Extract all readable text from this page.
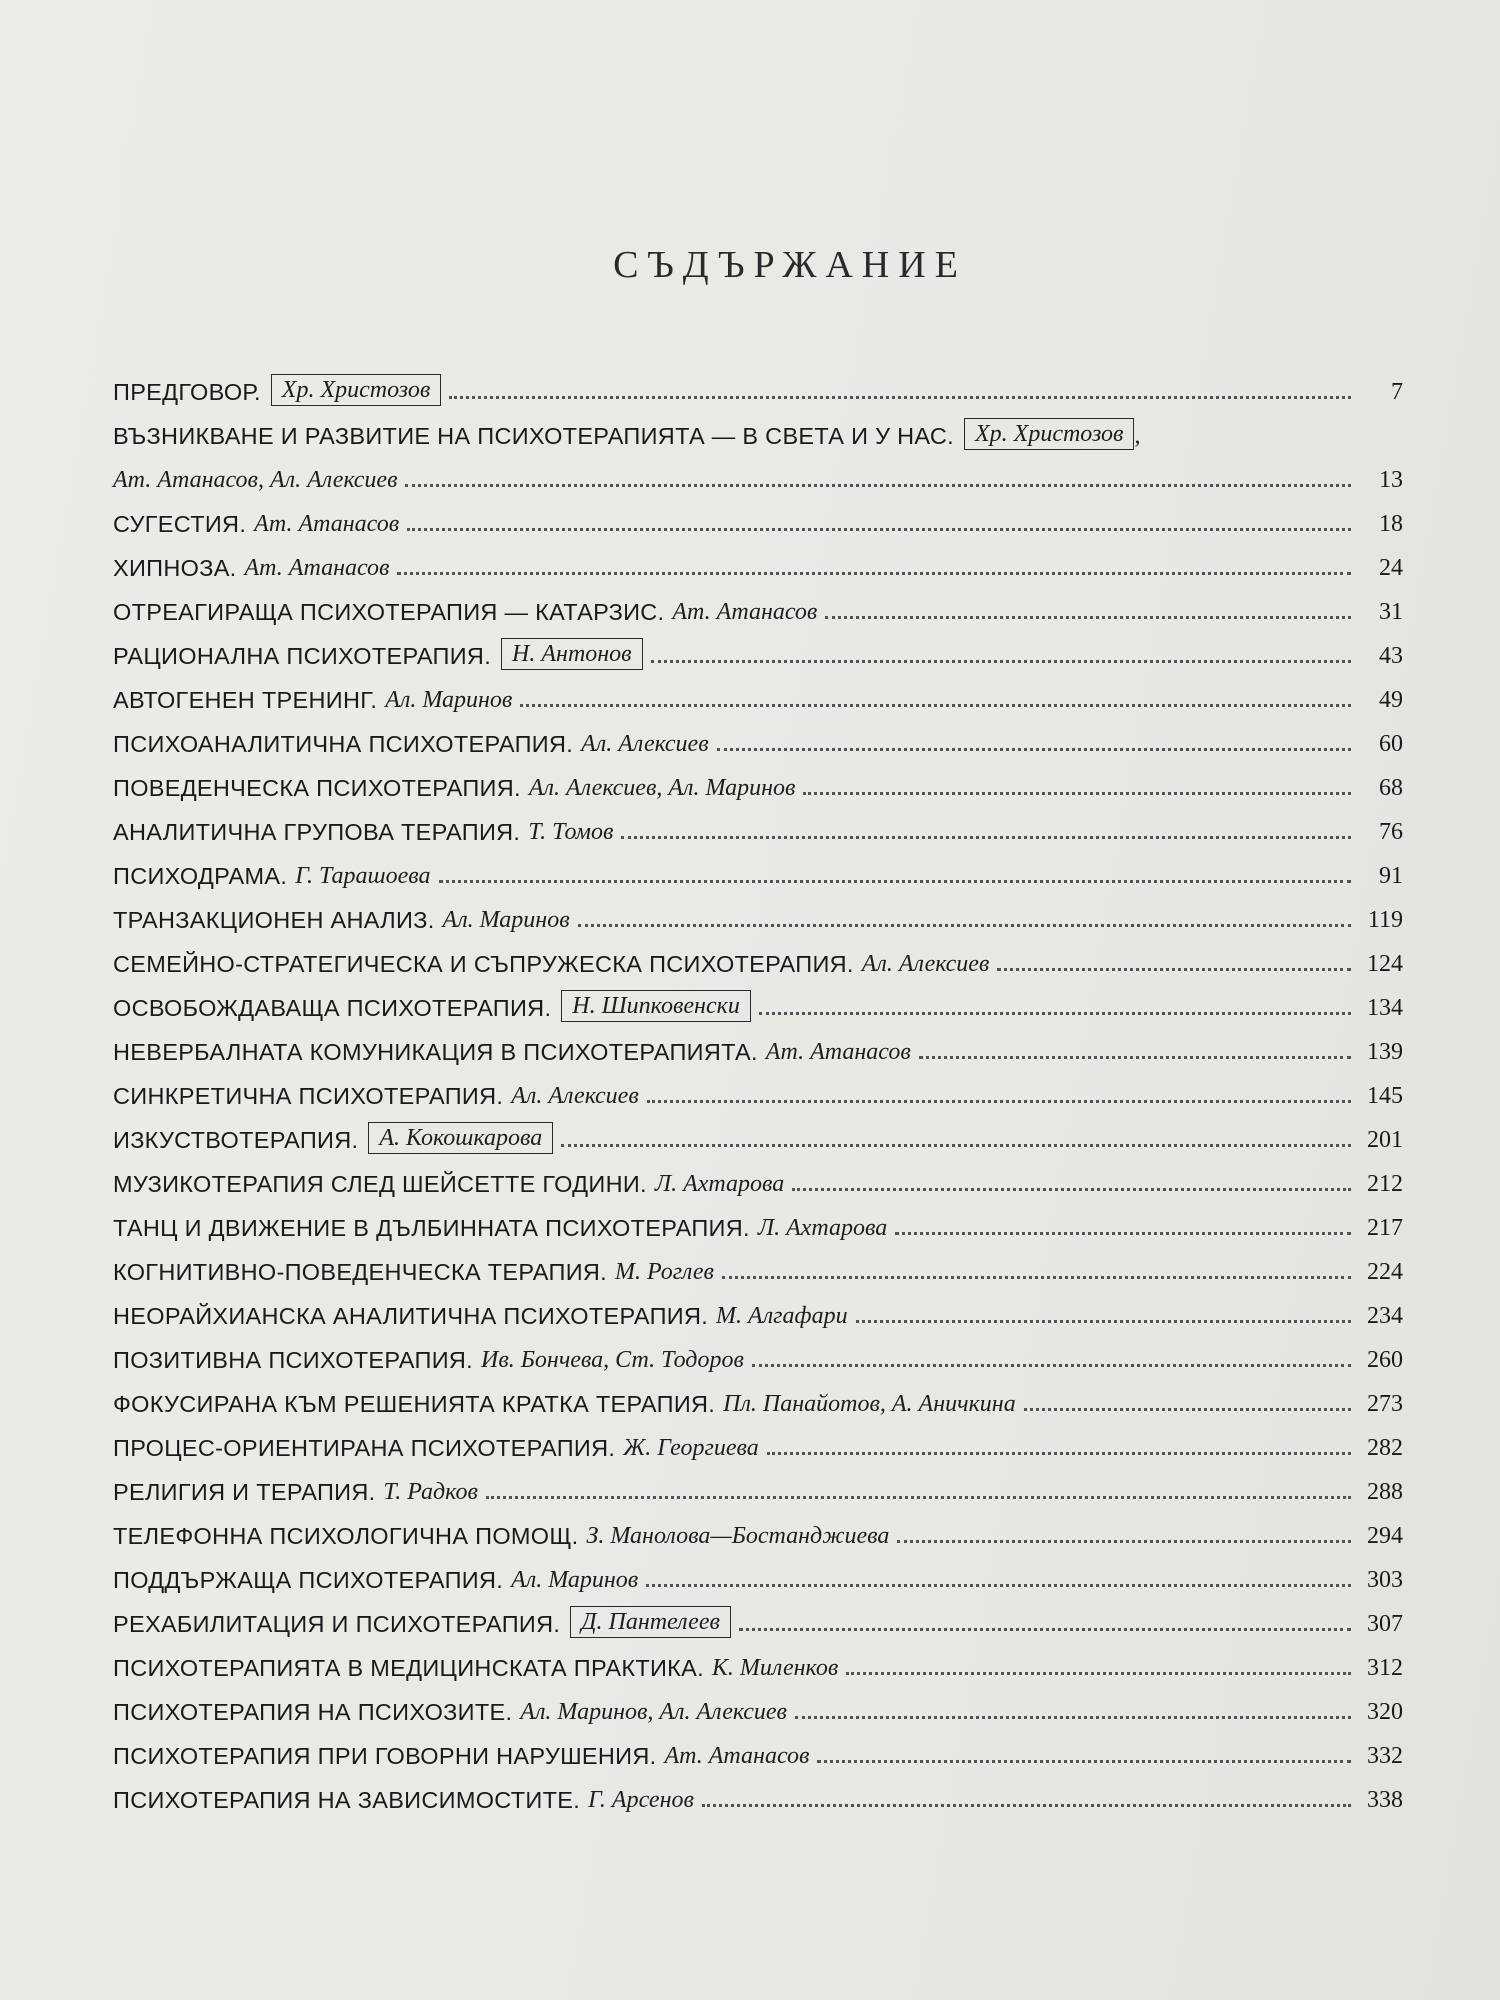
СЪДЪРЖАНИЕ
ПРЕДГОВОР. Хр. Христозов	7
ВЪЗНИКВАНЕ И РАЗВИТИЕ НА ПСИХОТЕРАПИЯТА — В СВЕТА И У НАС. Хр. Христозов ,
Ат. Атанасов, Ал. Алексиев	13
СУГЕСТИЯ. Ат. Атанасов	18
ХИПНОЗА. Ат. Атанасов	24
ОТРЕАГИРАЩА ПСИХОТЕРАПИЯ — КАТАРЗИС. Ат. Атанасов	31
РАЦИОНАЛНА ПСИХОТЕРАПИЯ. Н. Антонов	43
АВТОГЕНЕН ТРЕНИНГ. Ал. Маринов	49
ПСИХОАНАЛИТИЧНА ПСИХОТЕРАПИЯ. Ал. Алексиев	60
ПОВЕДЕНЧЕСКА ПСИХОТЕРАПИЯ. Ал. Алексиев, Ал. Маринов	68
АНАЛИТИЧНА ГРУПОВА ТЕРАПИЯ. Т. Томов	76
ПСИХОДРАМА. Г. Тарашоева	91
ТРАНЗАКЦИОНЕН АНАЛИЗ. Ал. Маринов	119
СЕМЕЙНО-СТРАТЕГИЧЕСКА И СЪПРУЖЕСКА ПСИХОТЕРАПИЯ. Ал. Алексиев	124
ОСВОБОЖДАВАЩА ПСИХОТЕРАПИЯ. Н. Шипковенски	134
НЕВЕРБАЛНАТА КОМУНИКАЦИЯ В ПСИХОТЕРАПИЯТА. Ат. Атанасов	139
СИНКРЕТИЧНА ПСИХОТЕРАПИЯ. Ал. Алексиев	145
ИЗКУСТВОТЕРАПИЯ. А. Кокошкарова	201
МУЗИКОТЕРАПИЯ СЛЕД ШЕЙСЕТТЕ ГОДИНИ. Л. Ахтарова	212
ТАНЦ И ДВИЖЕНИЕ В ДЪЛБИННАТА ПСИХОТЕРАПИЯ. Л. Ахтарова	217
КОГНИТИВНО-ПОВЕДЕНЧЕСКА ТЕРАПИЯ. М. Роглев	224
НЕОРАЙХИАНСКА АНАЛИТИЧНА ПСИХОТЕРАПИЯ. М. Алгафари	234
ПОЗИТИВНА ПСИХОТЕРАПИЯ. Ив. Бончева, Ст. Тодоров	260
ФОКУСИРАНА КЪМ РЕШЕНИЯТА КРАТКА ТЕРАПИЯ. Пл. Панайотов, А. Аничкина	273
ПРОЦЕС-ОРИЕНТИРАНА ПСИХОТЕРАПИЯ. Ж. Георгиева	282
РЕЛИГИЯ И ТЕРАПИЯ. Т. Радков	288
ТЕЛЕФОННА ПСИХОЛОГИЧНА ПОМОЩ. З. Манолова—Бостанджиева	294
ПОДДЪРЖАЩА ПСИХОТЕРАПИЯ. Ал. Маринов	303
РЕХАБИЛИТАЦИЯ И ПСИХОТЕРАПИЯ. Д. Пантелеев	307
ПСИХОТЕРАПИЯТА В МЕДИЦИНСКАТА ПРАКТИКА. К. Миленков	312
ПСИХОТЕРАПИЯ НА ПСИХОЗИТЕ. Ал. Маринов, Ал. Алексиев	320
ПСИХОТЕРАПИЯ ПРИ ГОВОРНИ НАРУШЕНИЯ. Ат. Атанасов	332
ПСИХОТЕРАПИЯ НА ЗАВИСИМОСТИТЕ. Г. Арсенов	338
